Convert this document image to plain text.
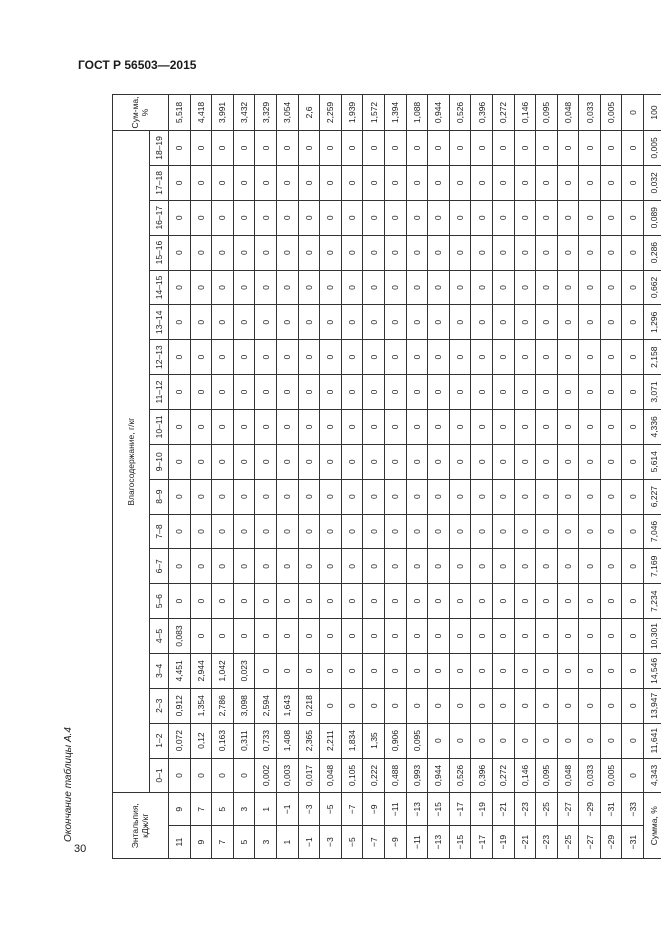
ГОСТ Р 56503—2015
Окончание таблицы А.4
30
Энтальпия, кДж/кг		Влагосодержание, г/кг																			Сум-ма, %
		0–1	1–2	2–3	3–4	4–5	5–6	6–7	7–8	8–9	9–10	10–11	11–12	12–13	13–14	14–15	15–16	16–17	17–18	18–19	
11	9	0	0,072	0,912	4,451	0,083	0	0	0	0	0	0	0	0	0	0	0	0	0	0	5,518
9	7	0	0,12	1,354	2,944	0	0	0	0	0	0	0	0	0	0	0	0	0	0	0	4,418
7	5	0	0,163	2,786	1,042	0	0	0	0	0	0	0	0	0	0	0	0	0	0	0	3,991
5	3	0	0,311	3,098	0,023	0	0	0	0	0	0	0	0	0	0	0	0	0	0	0	3,432
3	1	0,002	0,733	2,594	0	0	0	0	0	0	0	0	0	0	0	0	0	0	0	0	3,329
1	−1	0,003	1,408	1,643	0	0	0	0	0	0	0	0	0	0	0	0	0	0	0	0	3,054
−1	−3	0,017	2,365	0,218	0	0	0	0	0	0	0	0	0	0	0	0	0	0	0	0	2,6
−3	−5	0,048	2,211	0	0	0	0	0	0	0	0	0	0	0	0	0	0	0	0	0	2,259
−5	−7	0,105	1,834	0	0	0	0	0	0	0	0	0	0	0	0	0	0	0	0	0	1,939
−7	−9	0,222	1,35	0	0	0	0	0	0	0	0	0	0	0	0	0	0	0	0	0	1,572
−9	−11	0,488	0,906	0	0	0	0	0	0	0	0	0	0	0	0	0	0	0	0	0	1,394
−11	−13	0,993	0,095	0	0	0	0	0	0	0	0	0	0	0	0	0	0	0	0	0	1,088
−13	−15	0,944	0	0	0	0	0	0	0	0	0	0	0	0	0	0	0	0	0	0	0,944
−15	−17	0,526	0	0	0	0	0	0	0	0	0	0	0	0	0	0	0	0	0	0	0,526
−17	−19	0,396	0	0	0	0	0	0	0	0	0	0	0	0	0	0	0	0	0	0	0,396
−19	−21	0,272	0	0	0	0	0	0	0	0	0	0	0	0	0	0	0	0	0	0	0,272
−21	−23	0,146	0	0	0	0	0	0	0	0	0	0	0	0	0	0	0	0	0	0	0,146
−23	−25	0,095	0	0	0	0	0	0	0	0	0	0	0	0	0	0	0	0	0	0	0,095
−25	−27	0,048	0	0	0	0	0	0	0	0	0	0	0	0	0	0	0	0	0	0	0,048
−27	−29	0,033	0	0	0	0	0	0	0	0	0	0	0	0	0	0	0	0	0	0	0,033
−29	−31	0,005	0	0	0	0	0	0	0	0	0	0	0	0	0	0	0	0	0	0	0,005
−31	−33	0	0	0	0	0	0	0	0	0	0	0	0	0	0	0	0	0	0	0	0
Сумма, %		4,343	11,641	13,947	14,546	10,301	7,234	7,169	7,046	6,227	5,614	4,336	3,071	2,158	1,296	0,662	0,286	0,089	0,032	0,005	100
